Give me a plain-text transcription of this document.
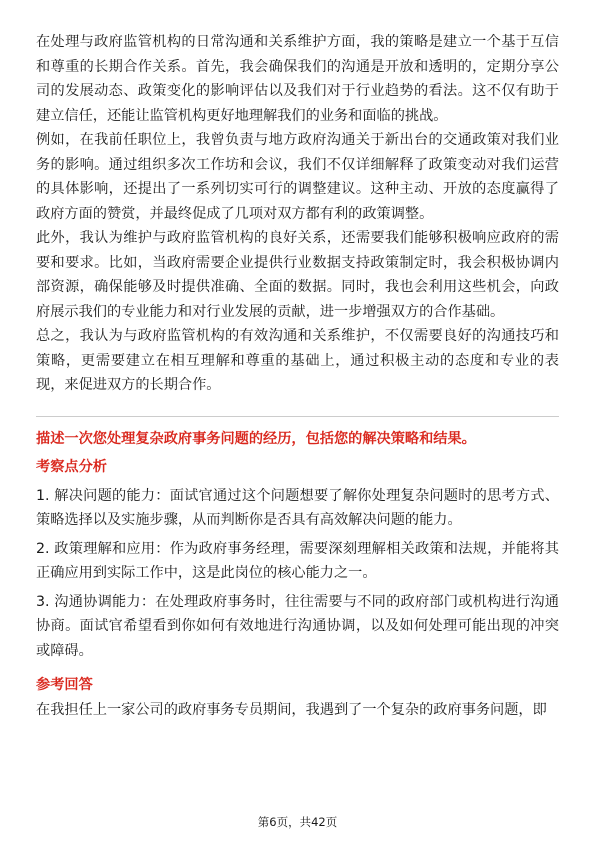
在处理与政府监管机构的日常沟通和关系维护方面，我的策略是建立一个基于互信和尊重的长期合作关系。首先，我会确保我们的沟通是开放和透明的，定期分享公司的发展动态、政策变化的影响评估以及我们对于行业趋势的看法。这不仅有助于建立信任，还能让监管机构更好地理解我们的业务和面临的挑战。

例如，在我前任职位上，我曾负责与地方政府沟通关于新出台的交通政策对我们业务的影响。通过组织多次工作坊和会议，我们不仅详细解释了政策变动对我们运营的具体影响，还提出了一系列切实可行的调整建议。这种主动、开放的态度赢得了政府方面的赞赏，并最终促成了几项对双方都有利的政策调整。

此外，我认为维护与政府监管机构的良好关系，还需要我们能够积极响应政府的需要和要求。比如，当政府需要企业提供行业数据支持政策制定时，我会积极协调内部资源，确保能够及时提供准确、全面的数据。同时，我也会利用这些机会，向政府展示我们的专业能力和对行业发展的贡献，进一步增强双方的合作基础。

总之，我认为与政府监管机构的有效沟通和关系维护，不仅需要良好的沟通技巧和策略，更需要建立在相互理解和尊重的基础上，通过积极主动的态度和专业的表现，来促进双方的长期合作。

描述一次您处理复杂政府事务问题的经历，包括您的解决策略和结果。

考察点分析

1. 解决问题的能力：面试官通过这个问题想要了解你处理复杂问题时的思考方式、策略选择以及实施步骤，从而判断你是否具有高效解决问题的能力。

2. 政策理解和应用：作为政府事务经理，需要深刻理解相关政策和法规，并能将其正确应用到实际工作中，这是此岗位的核心能力之一。

3. 沟通协调能力：在处理政府事务时，往往需要与不同的政府部门或机构进行沟通协商。面试官希望看到你如何有效地进行沟通协调，以及如何处理可能出现的冲突或障碍。

参考回答

在我担任上一家公司的政府事务专员期间，我遇到了一个复杂的政府事务问题，即

第6页，共42页
